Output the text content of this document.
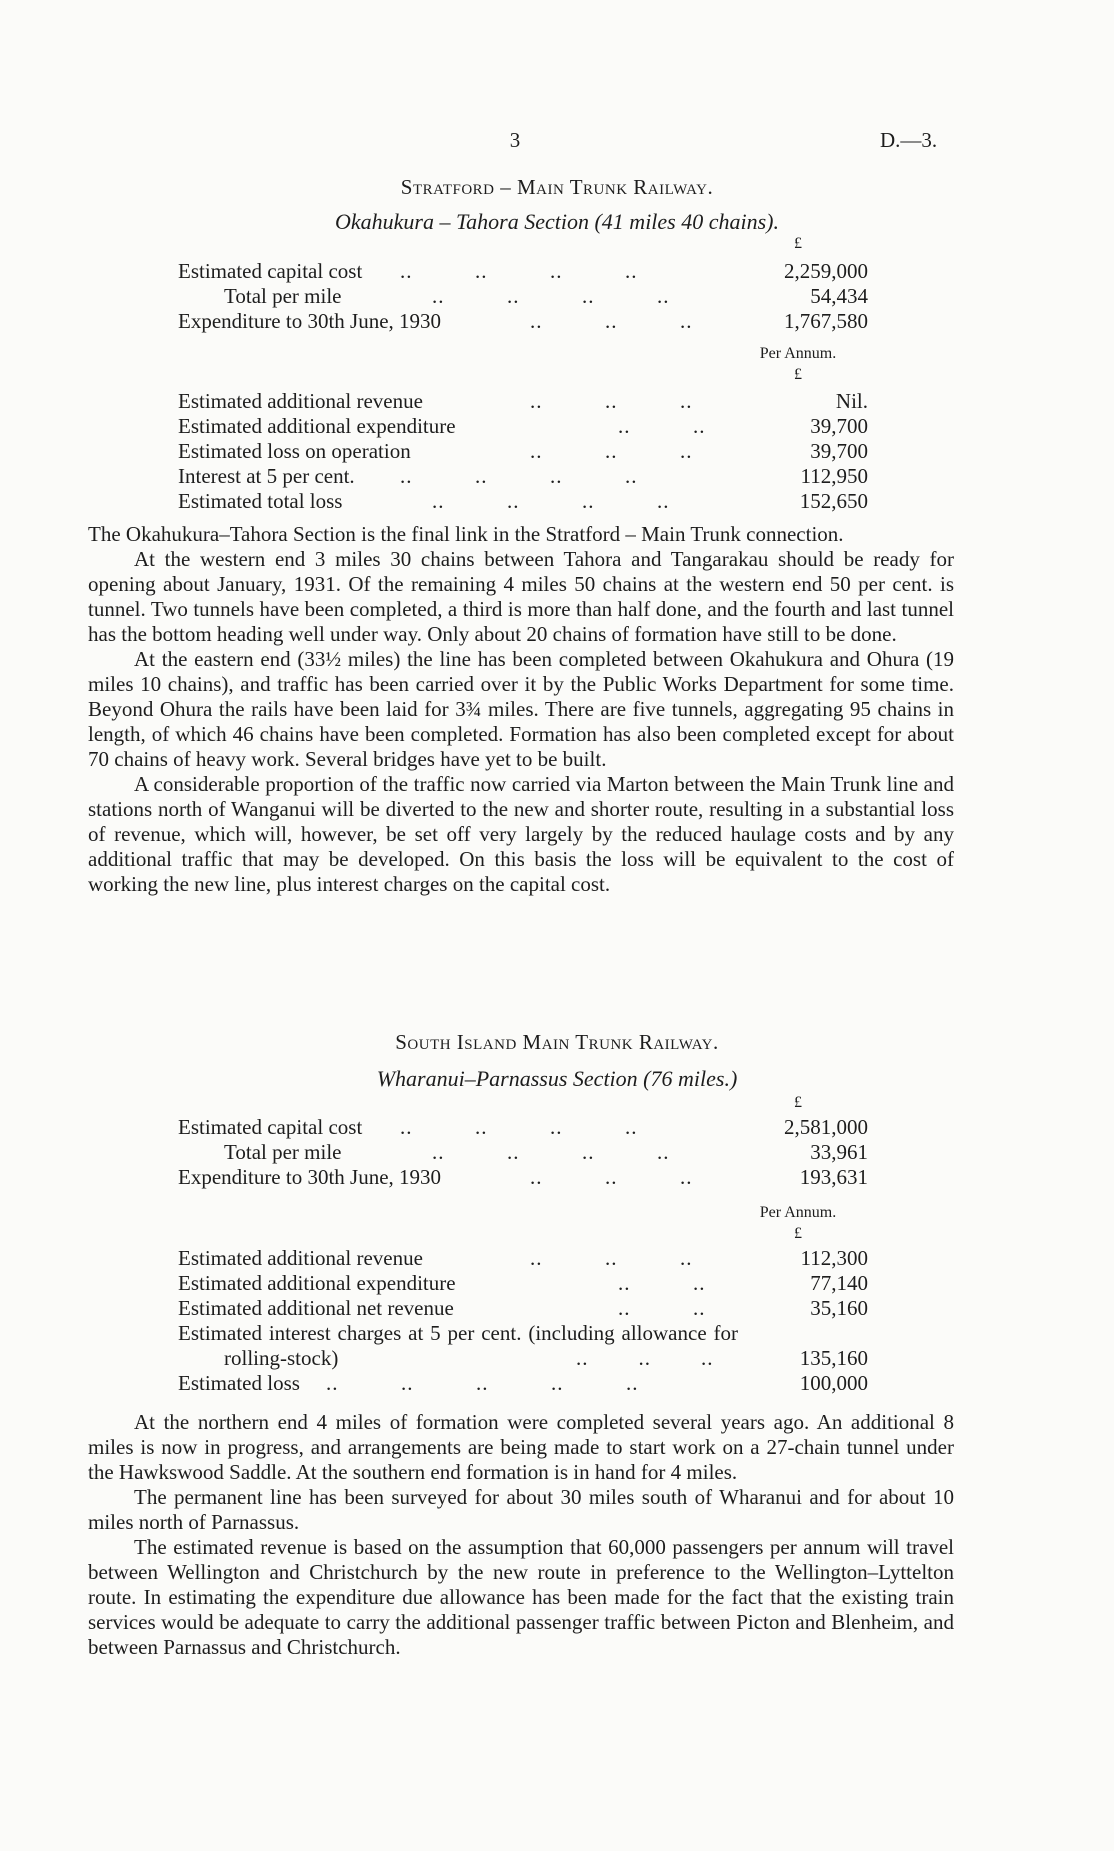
3	D.—3.
Stratford – Main Trunk Railway.
Okahukura – Tahora Section (41 miles 40 chains).
£
Estimated capital cost ..          ..          ..          ..	2,259,000
Total per mile	..          ..          ..          ..	54,434
Expenditure to 30th June, 1930	..          ..          ..	1,767,580
Per Annum.
£
Estimated additional revenue	..          ..          ..	Nil.
Estimated additional expenditure	..          ..	39,700
Estimated loss on operation	..          ..          ..	39,700
Interest at 5 per cent. ..          ..          ..          ..	112,950
Estimated total loss	..          ..          ..          ..	152,650

The Okahukura–Tahora Section is the final link in the Stratford – Main Trunk connection.

At the western end 3 miles 30 chains between Tahora and Tangarakau should be ready for opening about January, 1931. Of the remaining 4 miles 50 chains at the western end 50 per cent. is tunnel. Two tunnels have been completed, a third is more than half done, and the fourth and last tunnel has the bottom heading well under way. Only about 20 chains of formation have still to be done.

At the eastern end (33½ miles) the line has been completed between Okahukura and Ohura (19 miles 10 chains), and traffic has been carried over it by the Public Works Department for some time. Beyond Ohura the rails have been laid for 3¾ miles. There are five tunnels, aggregating 95 chains in length, of which 46 chains have been completed. Formation has also been completed except for about 70 chains of heavy work. Several bridges have yet to be built.

A considerable proportion of the traffic now carried via Marton between the Main Trunk line and stations north of Wanganui will be diverted to the new and shorter route, resulting in a substantial loss of revenue, which will, however, be set off very largely by the reduced haulage costs and by any additional traffic that may be developed. On this basis the loss will be equivalent to the cost of working the new line, plus interest charges on the capital cost.

South Island Main Trunk Railway.
Wharanui–Parnassus Section (76 miles.)
£
Estimated capital cost ..          ..          ..          ..	2,581,000
Total per mile	..          ..          ..          ..	33,961
Expenditure to 30th June, 1930	..          ..          ..	193,631
Per Annum.
£
Estimated additional revenue	..          ..          ..	112,300
Estimated additional expenditure	..          ..	77,140
Estimated additional net revenue	..          ..	35,160
Estimated interest charges at 5 per cent. (including allowance for rolling-stock)	..        ..        ..	135,160
Estimated loss ..          ..          ..          ..          ..	100,000

At the northern end 4 miles of formation were completed several years ago. An additional 8 miles is now in progress, and arrangements are being made to start work on a 27-chain tunnel under the Hawkswood Saddle. At the southern end formation is in hand for 4 miles.

The permanent line has been surveyed for about 30 miles south of Wharanui and for about 10 miles north of Parnassus.

The estimated revenue is based on the assumption that 60,000 passengers per annum will travel between Wellington and Christchurch by the new route in preference to the Wellington–Lyttelton route. In estimating the expenditure due allowance has been made for the fact that the existing train services would be adequate to carry the additional passenger traffic between Picton and Blenheim, and between Parnassus and Christchurch.
